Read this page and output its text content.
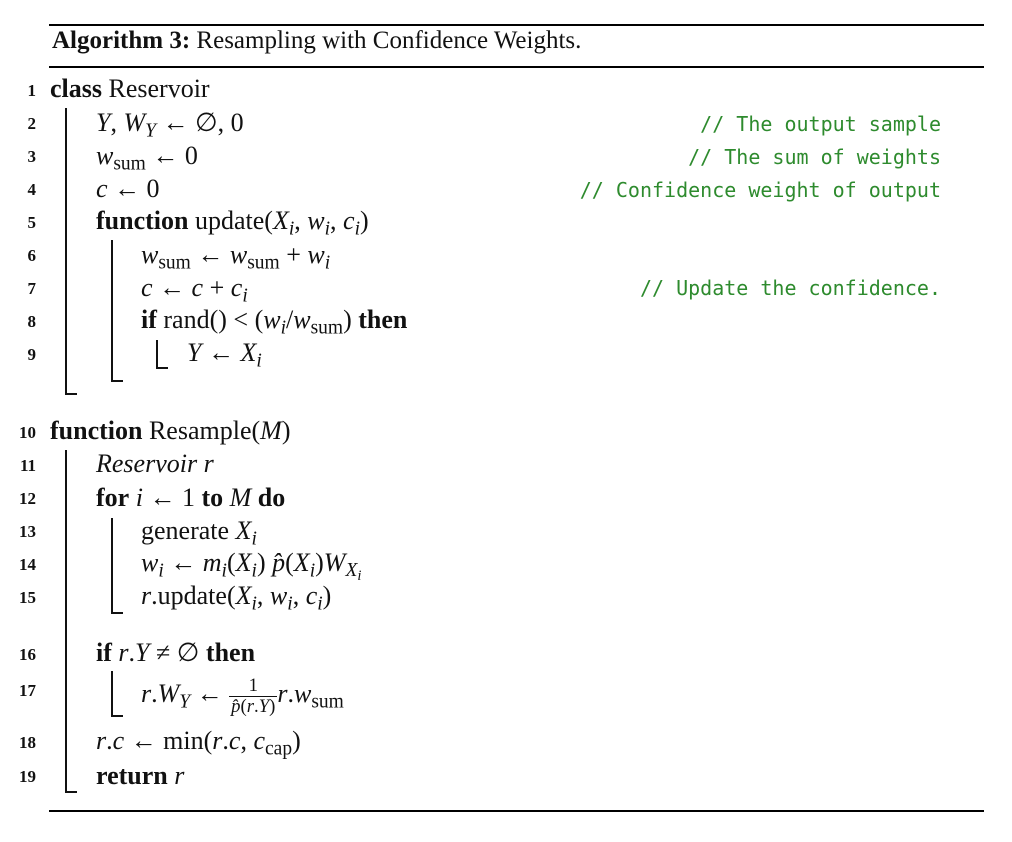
Algorithm 3: Resampling with Confidence Weights.
1
2
3
4
5
6
7
8
9
10
11
12
13
14
15
16
17
18
19
class Reservoir
Y, $W_Y$ ← ∅, 0	// The output sample
$w_{sum}$ ← 0	// The sum of weights
c ← 0	// Confidence weight of output
function $update(X_i$, $w_i$, $c_i$)
$w_{sum}$ ← $w_{sum} + w_i$
c ← $c + c_i$	// Update the confidence.
if rand() < $(w_i/w_{sum})$ then
Y ← $X_i$
function Resample(M)
Reservoir r
for i ← 1 to M do
generate $X_i$
$w_i$ ← $m_i(X_i)$ $p̂(X_i)W_{X_i}$
$r.update(X_i$, $w_i$, $c_i$)
if r.Y ≠ ∅ then
$r.W_Y$ ← $\frac{1}{p̂(r.Y)} r.w_{sum}$
r.c ← min(r.c, $c_{cap}$)
return r
